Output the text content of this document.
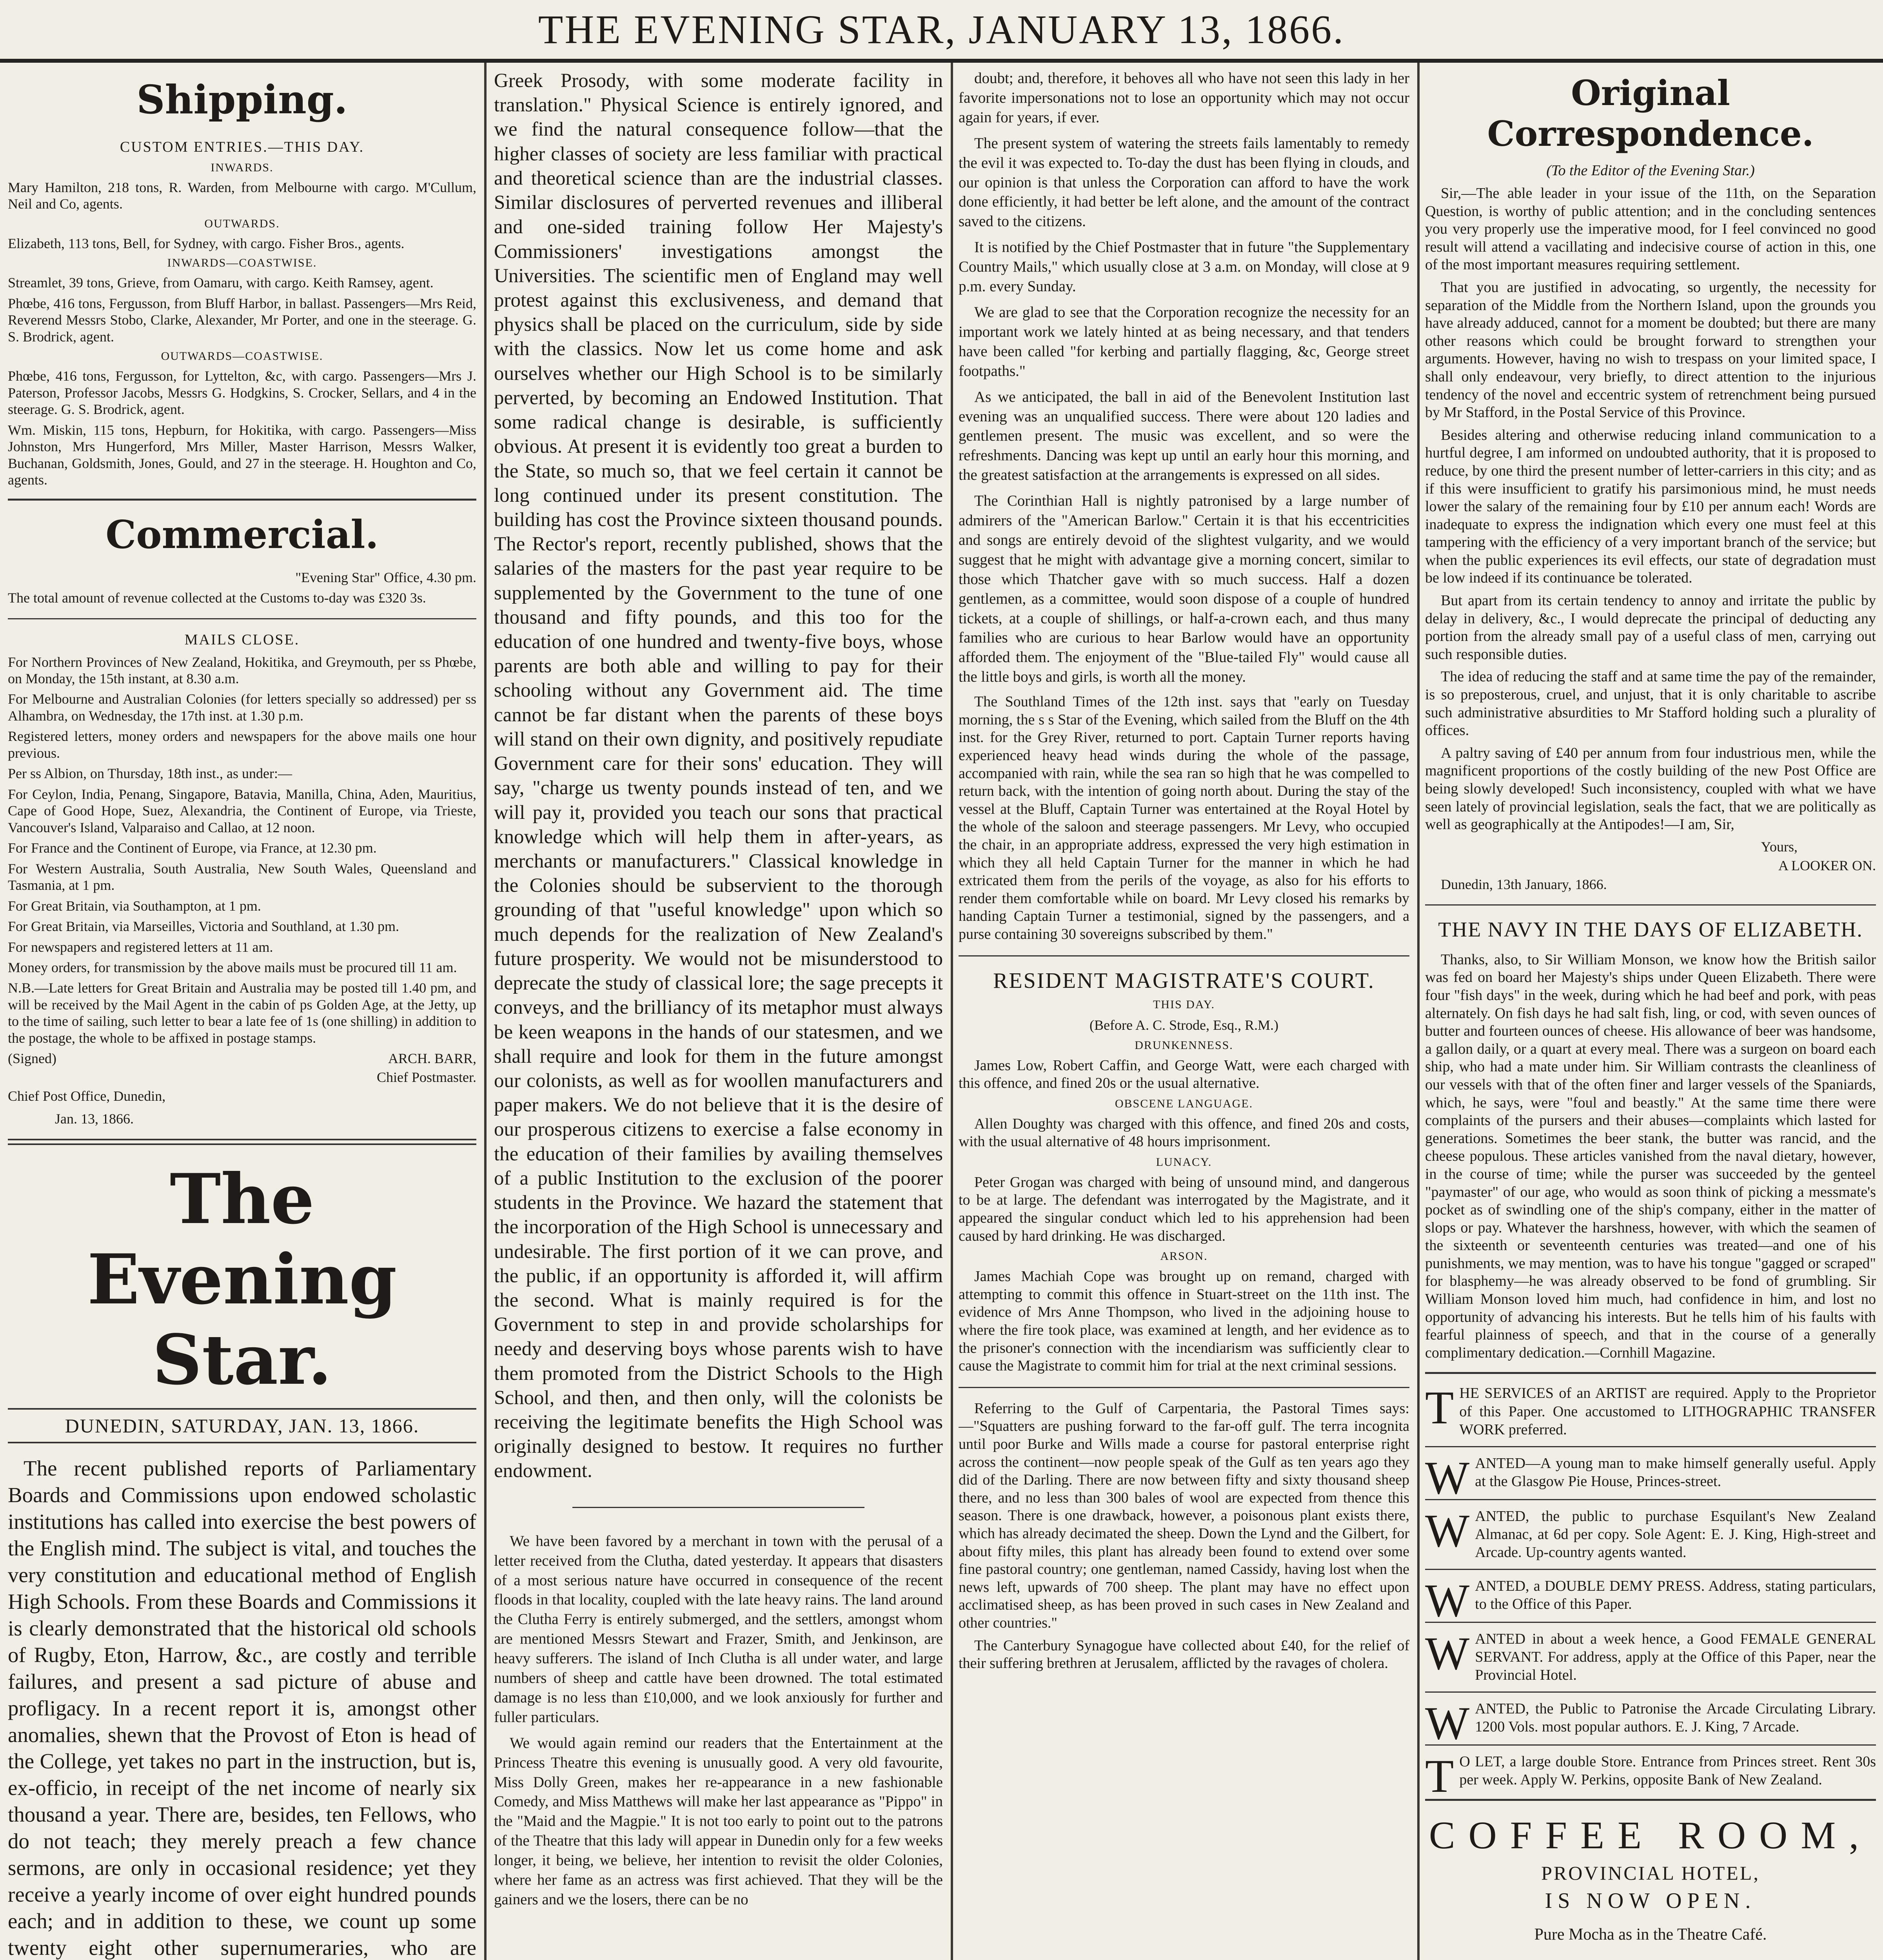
THE EVENING STAR, JANUARY 13, 1866.
Shipping.
CUSTOM ENTRIES.—THIS DAY.
INWARDS.

Mary Hamilton, 218 tons, R. Warden, from Melbourne with cargo. M'Cullum, Neil and Co, agents.

OUTWARDS.

Elizabeth, 113 tons, Bell, for Sydney, with cargo. Fisher Bros., agents.

INWARDS—COASTWISE.

Streamlet, 39 tons, Grieve, from Oamaru, with cargo. Keith Ramsey, agent.

Phœbe, 416 tons, Fergusson, from Bluff Harbor, in ballast. Passengers—Mrs Reid, Reverend Messrs Stobo, Clarke, Alexander, Mr Porter, and one in the steerage. G. S. Brodrick, agent.

OUTWARDS—COASTWISE.

Phœbe, 416 tons, Fergusson, for Lyttelton, &c, with cargo. Passengers—Mrs J. Paterson, Professor Jacobs, Messrs G. Hodgkins, S. Crocker, Sellars, and 4 in the steerage. G. S. Brodrick, agent.

Wm. Miskin, 115 tons, Hepburn, for Hokitika, with cargo. Passengers—Miss Johnston, Mrs Hungerford, Mrs Miller, Master Harrison, Messrs Walker, Buchanan, Goldsmith, Jones, Gould, and 27 in the steerage. H. Houghton and Co, agents.

Commercial.

"Evening Star" Office, 4.30 pm.

The total amount of revenue collected at the Customs to-day was £320 3s.

MAILS CLOSE.

For Northern Provinces of New Zealand, Hokitika, and Greymouth, per ss Phœbe, on Monday, the 15th instant, at 8.30 a.m.

For Melbourne and Australian Colonies (for letters specially so addressed) per ss Alhambra, on Wednesday, the 17th inst. at 1.30 p.m.

Registered letters, money orders and newspapers for the above mails one hour previous.

Per ss Albion, on Thursday, 18th inst., as under:—

For Ceylon, India, Penang, Singapore, Batavia, Manilla, China, Aden, Mauritius, Cape of Good Hope, Suez, Alexandria, the Continent of Europe, via Trieste, Vancouver's Island, Valparaiso and Callao, at 12 noon.

For France and the Continent of Europe, via France, at 12.30 pm.

For Western Australia, South Australia, New South Wales, Queensland and Tasmania, at 1 pm.

For Great Britain, via Southampton, at 1 pm.

For Great Britain, via Marseilles, Victoria and Southland, at 1.30 pm.

For newspapers and registered letters at 11 am.

Money orders, for transmission by the above mails must be procured till 11 am.

N.B.—Late letters for Great Britain and Australia may be posted till 1.40 pm, and will be received by the Mail Agent in the cabin of ps Golden Age, at the Jetty, up to the time of sailing, such letter to bear a late fee of 1s (one shilling) in addition to the postage, the whole to be affixed in postage stamps.

(Signed)	ARCH. BARR,
Chief Postmaster.
Chief Post Office, Dunedin,
Jan. 13, 1866.
The Evening Star.
DUNEDIN, SATURDAY, JAN. 13, 1866.

The recent published reports of Parliamentary Boards and Commissions upon endowed scholastic institutions has called into exercise the best powers of the English mind. The subject is vital, and touches the very constitution and educational method of English High Schools. From these Boards and Commissions it is clearly demonstrated that the historical old schools of Rugby, Eton, Harrow, &c., are costly and terrible failures, and present a sad picture of abuse and profligacy. In a recent report it is, amongst other anomalies, shewn that the Provost of Eton is head of the College, yet takes no part in the instruction, but is, ex-officio, in receipt of the net income of nearly six thousand a year. There are, besides, ten Fellows, who do not teach; they merely preach a few chance sermons, are only in occasional residence; yet they receive a yearly income of over eight hundred pounds each; and in addition to these, we count up some twenty eight other supernumeraries, who are

Greek Prosody, with some moderate facility in translation." Physical Science is entirely ignored, and we find the natural consequence follow—that the higher classes of society are less familiar with practical and theoretical science than are the industrial classes. Similar disclosures of perverted revenues and illiberal and one-sided training follow Her Majesty's Commissioners' investigations amongst the Universities. The scientific men of England may well protest against this exclusiveness, and demand that physics shall be placed on the curriculum, side by side with the classics. Now let us come home and ask ourselves whether our High School is to be similarly perverted, by becoming an Endowed Institution. That some radical change is desirable, is sufficiently obvious. At present it is evidently too great a burden to the State, so much so, that we feel certain it cannot be long continued under its present constitution. The building has cost the Province sixteen thousand pounds. The Rector's report, recently published, shows that the salaries of the masters for the past year require to be supplemented by the Government to the tune of one thousand and fifty pounds, and this too for the education of one hundred and twenty-five boys, whose parents are both able and willing to pay for their schooling without any Government aid. The time cannot be far distant when the parents of these boys will stand on their own dignity, and positively repudiate Government care for their sons' education. They will say, "charge us twenty pounds instead of ten, and we will pay it, provided you teach our sons that practical knowledge which will help them in after-years, as merchants or manufacturers." Classical knowledge in the Colonies should be subservient to the thorough grounding of that "useful knowledge" upon which so much depends for the realization of New Zealand's future prosperity. We would not be misunderstood to deprecate the study of classical lore; the sage precepts it conveys, and the brilliancy of its metaphor must always be keen weapons in the hands of our statesmen, and we shall require and look for them in the future amongst our colonists, as well as for woollen manufacturers and paper makers. We do not believe that it is the desire of our prosperous citizens to exercise a false economy in the education of their families by availing themselves of a public Institution to the exclusion of the poorer students in the Province. We hazard the statement that the incorporation of the High School is unnecessary and undesirable. The first portion of it we can prove, and the public, if an opportunity is afforded it, will affirm the second. What is mainly required is for the Government to step in and provide scholarships for needy and deserving boys whose parents wish to have them promoted from the District Schools to the High School, and then, and then only, will the colonists be receiving the legitimate benefits the High School was originally designed to bestow. It requires no further endowment.

We have been favored by a merchant in town with the perusal of a letter received from the Clutha, dated yesterday. It appears that disasters of a most serious nature have occurred in consequence of the recent floods in that locality, coupled with the late heavy rains. The land around the Clutha Ferry is entirely submerged, and the settlers, amongst whom are mentioned Messrs Stewart and Frazer, Smith, and Jenkinson, are heavy sufferers. The island of Inch Clutha is all under water, and large numbers of sheep and cattle have been drowned. The total estimated damage is no less than £10,000, and we look anxiously for further and fuller particulars.

We would again remind our readers that the Entertainment at the Princess Theatre this evening is unusually good. A very old favourite, Miss Dolly Green, makes her re-appearance in a new fashionable Comedy, and Miss Matthews will make her last appearance as "Pippo" in the "Maid and the Magpie." It is not too early to point out to the patrons of the Theatre that this lady will appear in Dunedin only for a few weeks longer, it being, we believe, her intention to revisit the older Colonies, where her fame as an actress was first achieved. That they will be the gainers and we the losers, there can be no

doubt; and, therefore, it behoves all who have not seen this lady in her favorite impersonations not to lose an opportunity which may not occur again for years, if ever.

The present system of watering the streets fails lamentably to remedy the evil it was expected to. To-day the dust has been flying in clouds, and our opinion is that unless the Corporation can afford to have the work done efficiently, it had better be left alone, and the amount of the contract saved to the citizens.

It is notified by the Chief Postmaster that in future "the Supplementary Country Mails," which usually close at 3 a.m. on Monday, will close at 9 p.m. every Sunday.

We are glad to see that the Corporation recognize the necessity for an important work we lately hinted at as being necessary, and that tenders have been called "for kerbing and partially flagging, &c, George street footpaths."

As we anticipated, the ball in aid of the Benevolent Institution last evening was an unqualified success. There were about 120 ladies and gentlemen present. The music was excellent, and so were the refreshments. Dancing was kept up until an early hour this morning, and the greatest satisfaction at the arrangements is expressed on all sides.

The Corinthian Hall is nightly patronised by a large number of admirers of the "American Barlow." Certain it is that his eccentricities and songs are entirely devoid of the slightest vulgarity, and we would suggest that he might with advantage give a morning concert, similar to those which Thatcher gave with so much success. Half a dozen gentlemen, as a committee, would soon dispose of a couple of hundred tickets, at a couple of shillings, or half-a-crown each, and thus many families who are curious to hear Barlow would have an opportunity afforded them. The enjoyment of the "Blue-tailed Fly" would cause all the little boys and girls, is worth all the money.

The Southland Times of the 12th inst. says that "early on Tuesday morning, the s s Star of the Evening, which sailed from the Bluff on the 4th inst. for the Grey River, returned to port. Captain Turner reports having experienced heavy head winds during the whole of the passage, accompanied with rain, while the sea ran so high that he was compelled to return back, with the intention of going north about. During the stay of the vessel at the Bluff, Captain Turner was entertained at the Royal Hotel by the whole of the saloon and steerage passengers. Mr Levy, who occupied the chair, in an appropriate address, expressed the very high estimation in which they all held Captain Turner for the manner in which he had extricated them from the perils of the voyage, as also for his efforts to render them comfortable while on board. Mr Levy closed his remarks by handing Captain Turner a testimonial, signed by the passengers, and a purse containing 30 sovereigns subscribed by them."

RESIDENT MAGISTRATE'S COURT.
THIS DAY.
(Before A. C. Strode, Esq., R.M.)
DRUNKENNESS.

James Low, Robert Caffin, and George Watt, were each charged with this offence, and fined 20s or the usual alternative.

OBSCENE LANGUAGE.

Allen Doughty was charged with this offence, and fined 20s and costs, with the usual alternative of 48 hours imprisonment.

LUNACY.

Peter Grogan was charged with being of unsound mind, and dangerous to be at large. The defendant was interrogated by the Magistrate, and it appeared the singular conduct which led to his apprehension had been caused by hard drinking. He was discharged.

ARSON.

James Machiah Cope was brought up on remand, charged with attempting to commit this offence in Stuart-street on the 11th inst. The evidence of Mrs Anne Thompson, who lived in the adjoining house to where the fire took place, was examined at length, and her evidence as to the prisoner's connection with the incendiarism was sufficiently clear to cause the Magistrate to commit him for trial at the next criminal sessions.

Referring to the Gulf of Carpentaria, the Pastoral Times says:—"Squatters are pushing forward to the far-off gulf. The terra incognita until poor Burke and Wills made a course for pastoral enterprise right across the continent—now people speak of the Gulf as ten years ago they did of the Darling. There are now between fifty and sixty thousand sheep there, and no less than 300 bales of wool are expected from thence this season. There is one drawback, however, a poisonous plant exists there, which has already decimated the sheep. Down the Lynd and the Gilbert, for about fifty miles, this plant has already been found to extend over some fine pastoral country; one gentleman, named Cassidy, having lost when the news left, upwards of 700 sheep. The plant may have no effect upon acclimatised sheep, as has been proved in such cases in New Zealand and other countries."

The Canterbury Synagogue have collected about £40, for the relief of their suffering brethren at Jerusalem, afflicted by the ravages of cholera.

Original Correspondence.
(To the Editor of the Evening Star.)

Sir,—The able leader in your issue of the 11th, on the Separation Question, is worthy of public attention; and in the concluding sentences you very properly use the imperative mood, for I feel convinced no good result will attend a vacillating and indecisive course of action in this, one of the most important measures requiring settlement.

That you are justified in advocating, so urgently, the necessity for separation of the Middle from the Northern Island, upon the grounds you have already adduced, cannot for a moment be doubted; but there are many other reasons which could be brought forward to strengthen your arguments. However, having no wish to trespass on your limited space, I shall only endeavour, very briefly, to direct attention to the injurious tendency of the novel and eccentric system of retrenchment being pursued by Mr Stafford, in the Postal Service of this Province.

Besides altering and otherwise reducing inland communication to a hurtful degree, I am informed on undoubted authority, that it is proposed to reduce, by one third the present number of letter-carriers in this city; and as if this were insufficient to gratify his parsimonious mind, he must needs lower the salary of the remaining four by £10 per annum each! Words are inadequate to express the indignation which every one must feel at this tampering with the efficiency of a very important branch of the service; but when the public experiences its evil effects, our state of degradation must be low indeed if its continuance be tolerated.

But apart from its certain tendency to annoy and irritate the public by delay in delivery, &c., I would deprecate the principal of deducting any portion from the already small pay of a useful class of men, carrying out such responsible duties.

The idea of reducing the staff and at same time the pay of the remainder, is so preposterous, cruel, and unjust, that it is only charitable to ascribe such administrative absurdities to Mr Stafford holding such a plurality of offices.

A paltry saving of £40 per annum from four industrious men, while the magnificent proportions of the costly building of the new Post Office are being slowly developed! Such inconsistency, coupled with what we have seen lately of provincial legislation, seals the fact, that we are politically as well as geographically at the Antipodes!—I am, Sir,

Yours,
A LOOKER ON.
Dunedin, 13th January, 1866.
THE NAVY IN THE DAYS OF ELIZABETH.

Thanks, also, to Sir William Monson, we know how the British sailor was fed on board her Majesty's ships under Queen Elizabeth. There were four "fish days" in the week, during which he had beef and pork, with peas alternately. On fish days he had salt fish, ling, or cod, with seven ounces of butter and fourteen ounces of cheese. His allowance of beer was handsome, a gallon daily, or a quart at every meal. There was a surgeon on board each ship, who had a mate under him. Sir William contrasts the cleanliness of our vessels with that of the often finer and larger vessels of the Spaniards, which, he says, were "foul and beastly." At the same time there were complaints of the pursers and their abuses—complaints which lasted for generations. Sometimes the beer stank, the butter was rancid, and the cheese populous. These articles vanished from the naval dietary, however, in the course of time; while the purser was succeeded by the genteel "paymaster" of our age, who would as soon think of picking a messmate's pocket as of swindling one of the ship's company, either in the matter of slops or pay. Whatever the harshness, however, with which the seamen of the sixteenth or seventeenth centuries was treated—and one of his punishments, we may mention, was to have his tongue "gagged or scraped" for blasphemy—he was already observed to be fond of grumbling. Sir William Monson loved him much, had confidence in him, and lost no opportunity of advancing his interests. But he tells him of his faults with fearful plainness of speech, and that in the course of a generally complimentary dedication.—Cornhill Magazine.

THE SERVICES of an ARTIST are required. Apply to the Proprietor of this Paper. One accustomed to LITHOGRAPHIC TRANSFER WORK preferred.

WANTED—A young man to make himself generally useful. Apply at the Glasgow Pie House, Princes-street.

WANTED, the public to purchase Esquilant's New Zealand Almanac, at 6d per copy. Sole Agent: E. J. King, High-street and Arcade. Up-country agents wanted.

WANTED, a DOUBLE DEMY PRESS. Address, stating particulars, to the Office of this Paper.

WANTED in about a week hence, a Good FEMALE GENERAL SERVANT. For address, apply at the Office of this Paper, near the Provincial Hotel.

WANTED, the Public to Patronise the Arcade Circulating Library. 1200 Vols. most popular authors. E. J. King, 7 Arcade.

T O LET, a large double Store. Entrance from Princes street. Rent 30s per week. Apply W. Perkins, opposite Bank of New Zealand.

COFFEE ROOM,
PROVINCIAL HOTEL,
IS NOW OPEN.
Pure Mocha as in the Theatre Café.
